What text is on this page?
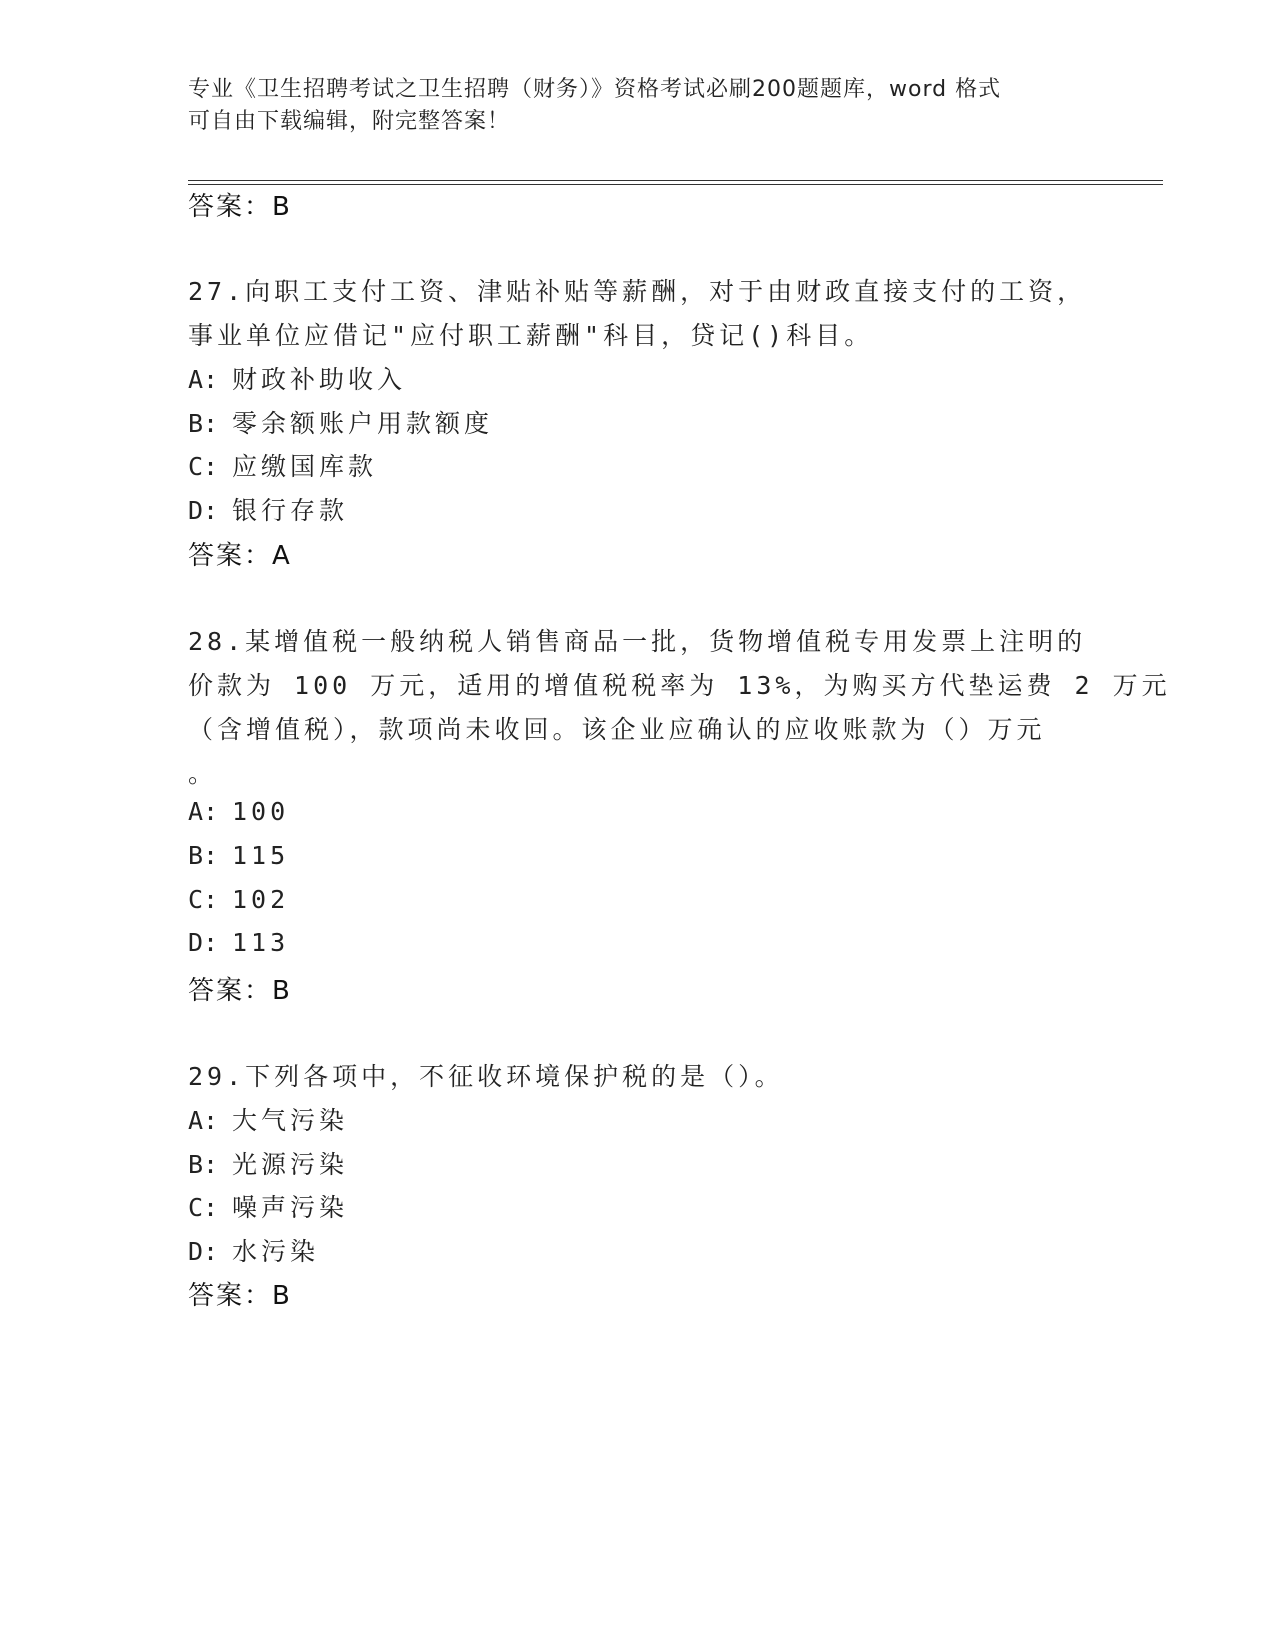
专业《卫生招聘考试之卫生招聘（财务）》资格考试必刷200题题库，word 格式
可自由下载编辑，附完整答案！
答案：B
27.向职工支付工资、津贴补贴等薪酬，对于由财政直接支付的工资，
事业单位应借记"应付职工薪酬"科目，贷记()科目。
A: 财政补助收入
B: 零余额账户用款额度
C: 应缴国库款
D: 银行存款
答案：A
28.某增值税一般纳税人销售商品一批，货物增值税专用发票上注明的
价款为 100 万元，适用的增值税税率为 13%，为购买方代垫运费 2 万元
（含增值税），款项尚未收回。该企业应确认的应收账款为（）万元
。
A: 100
B: 115
C: 102
D: 113
答案：B
29.下列各项中，不征收环境保护税的是（）。
A: 大气污染
B: 光源污染
C: 噪声污染
D: 水污染
答案：B
